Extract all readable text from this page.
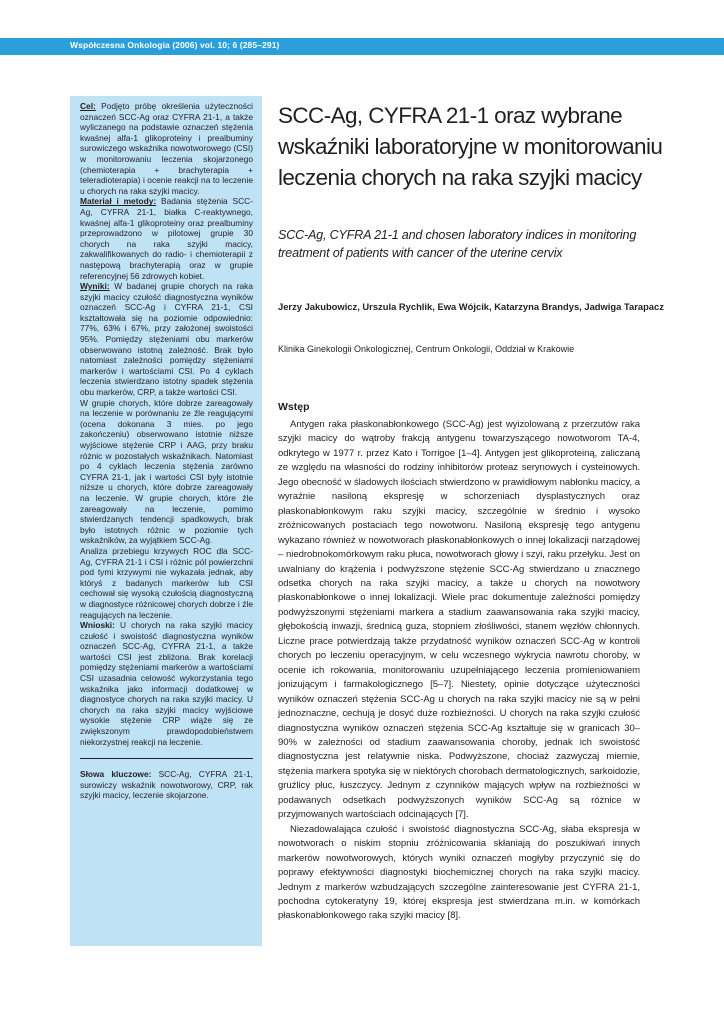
Współczesna Onkologia (2006) vol. 10; 6 (285–291)

Cel: Podjęto próbę określenia użyteczności oznaczeń SCC-Ag oraz CYFRA 21-1, a także wyliczanego na podstawie oznaczeń stężenia kwaśnej alfa-1 glikoproteiny i prealbuminy surowiczego wskaźnika nowotworowego (CSI) w monitorowaniu leczenia skojarzonego (chemioterapia + brachyterapia + teleradioterapia) i ocenie reakcji na to leczenie u chorych na raka szyjki macicy.

Materiał i metody: Badania stężenia SCC-Ag, CYFRA 21-1, białka C-reaktywnego, kwaśnej alfa-1 glikoproteiny oraz prealbuminy przeprowadzono w pilotowej grupie 30 chorych na raka szyjki macicy, zakwalifikowanych do radio- i chemioterapii z następową brachyterapią oraz w grupie referencyjnej 56 zdrowych kobiet.

Wyniki: W badanej grupie chorych na raka szyjki macicy czułość diagnostyczna wyników oznaczeń SCC-Ag i CYFRA 21-1, CSI kształtowała się na poziomie odpowiednio: 77%, 63% i 67%, przy założonej swoistości 95%. Pomiędzy stężeniami obu markerów obserwowano istotną zależność. Brak było natomiast zależności pomiędzy stężeniami markerów i wartościami CSI. Po 4 cyklach leczenia stwierdzano istotny spadek stężenia obu markerów, CRP, a także wartości CSI.

W grupie chorych, które dobrze zareagowały na leczenie w porównaniu ze źle reagującymi (ocena dokonana 3 mies. po jego zakończeniu) obserwowano istotnie niższe wyjściowe stężenie CRP i AAG, przy braku różnic w pozostałych wskaźnikach. Natomiast po 4 cyklach leczenia stężenia zarówno CYFRA 21-1, jak i wartości CSI były istotnie niższe u chorych, które dobrze zareagowały na leczenie. W grupie chorych, które źle zareagowały na leczenie, pomimo stwierdzanych tendencji spadkowych, brak było istotnych różnic w poziomie tych wskaźników, za wyjątkiem SCC-Ag.

Analiza przebiegu krzywych ROC dla SCC-Ag, CYFRA 21-1 i CSI i różnic pól powierzchni pod tymi krzywymi nie wykazała jednak, aby któryś z badanych markerów lub CSI cechował się wysoką czułością diagnostyczną w diagnostyce różnicowej chorych dobrze i źle reagujących na leczenie.

Wnioski: U chorych na raka szyjki macicy czułość i swoistość diagnostyczna wyników oznaczeń SCC-Ag, CYFRA 21-1, a także wartości CSI jest zbliżona. Brak korelacji pomiędzy stężeniami markerów a wartościami CSI uzasadnia celowość wykorzystania tego wskaźnika jako informacji dodatkowej w diagnostyce chorych na raka szyjki macicy. U chorych na raka szyjki macicy wyjściowe wysokie stężenie CRP wiąże się ze zwiększonym prawdopodobieństwem niekorzystnej reakcji na leczenie.

Słowa kluczowe: SCC-Ag, CYFRA 21-1, surowiczy wskaźnik nowotworowy, CRP, rak szyjki macicy, leczenie skojarzone.

SCC-Ag, CYFRA 21-1 oraz wybrane wskaźniki laboratoryjne w monitorowaniu leczenia chorych na raka szyjki macicy
SCC-Ag, CYFRA 21-1 and chosen laboratory indices in monitoring treatment of patients with cancer of the uterine cervix
Jerzy Jakubowicz, Urszula Rychlik, Ewa Wójcik, Katarzyna Brandys, Jadwiga Tarapacz
Klinika Ginekologii Onkologicznej, Centrum Onkologii, Oddział w Krakowie
Wstęp

Antygen raka płaskonabłonkowego (SCC-Ag) jest wyizolowaną z przerzutów raka szyjki macicy do wątroby frakcją antygenu towarzyszącego nowotworom TA-4, odkrytego w 1977 r. przez Kato i Torrigoe [1–4]. Antygen jest glikoproteiną, zaliczaną ze względu na własności do rodziny inhibitorów proteaz serynowych i cysteinowych. Jego obecność w śladowych ilościach stwierdzono w prawidłowym nabłonku macicy, a wyraźnie nasiloną ekspresję w schorzeniach dysplastycznych oraz płaskonabłonkowym raku szyjki macicy, szczególnie w średnio i wysoko zróżnicowanych postaciach tego nowotworu. Nasiloną ekspresję tego antygenu wykazano również w nowotworach płaskonabłonkowych o innej lokalizacji narządowej – niedrobnokomórkowym raku płuca, nowotworach głowy i szyi, raku przełyku. Jest on uwalniany do krążenia i podwyższone stężenie SCC-Ag stwierdzano u znacznego odsetka chorych na raka szyjki macicy, a także u chorych na nowotwory płaskonabłonkowe o innej lokalizacji. Wiele prac dokumentuje zależności pomiędzy podwyższonymi stężeniami markera a stadium zaawansowania raka szyjki macicy, głębokością inwazji, średnicą guza, stopniem złośliwości, stanem węzłów chłonnych. Liczne prace potwierdzają także przydatność wyników oznaczeń SCC-Ag w kontroli chorych po leczeniu operacyjnym, w celu wczesnego wykrycia nawrotu choroby, w ocenie ich rokowania, monitorowaniu uzupełniającego leczenia promieniowaniem jonizującym i farmakologicznego [5–7]. Niestety, opinie dotyczące użyteczności wyników oznaczeń stężenia SCC-Ag u chorych na raka szyjki macicy nie są w pełni jednoznaczne, cechują je dosyć duże rozbieżności. U chorych na raka szyjki czułość diagnostyczna wyników oznaczeń stężenia SCC-Ag kształtuje się w granicach 30–90% w zależności od stadium zaawansowania choroby, jednak ich swoistość diagnostyczna jest relatywnie niska. Podwyższone, chociaż zazwyczaj miernie, stężenia markera spotyka się w niektórych chorobach dermatologicznych, sarkoidozie, gruźlicy płuc, łuszczycy. Jednym z czynników mających wpływ na rozbieżności w podawanych odsetkach podwyższonych wyników SCC-Ag są różnice w przyjmowanych wartościach odcinających [7].

Niezadowalająca czułość i swoistość diagnostyczna SCC-Ag, słaba ekspresja w nowotworach o niskim stopniu zróżnicowania skłaniają do poszukiwań innych markerów nowotworowych, których wyniki oznaczeń mogłyby przyczynić się do poprawy efektywności diagnostyki biochemicznej chorych na raka szyjki macicy. Jednym z markerów wzbudzających szczególne zainteresowanie jest CYFRA 21-1, pochodna cytokeratyny 19, której ekspresja jest stwierdzana m.in. w komórkach płaskonabłonkowego raka szyjki macicy [8].
